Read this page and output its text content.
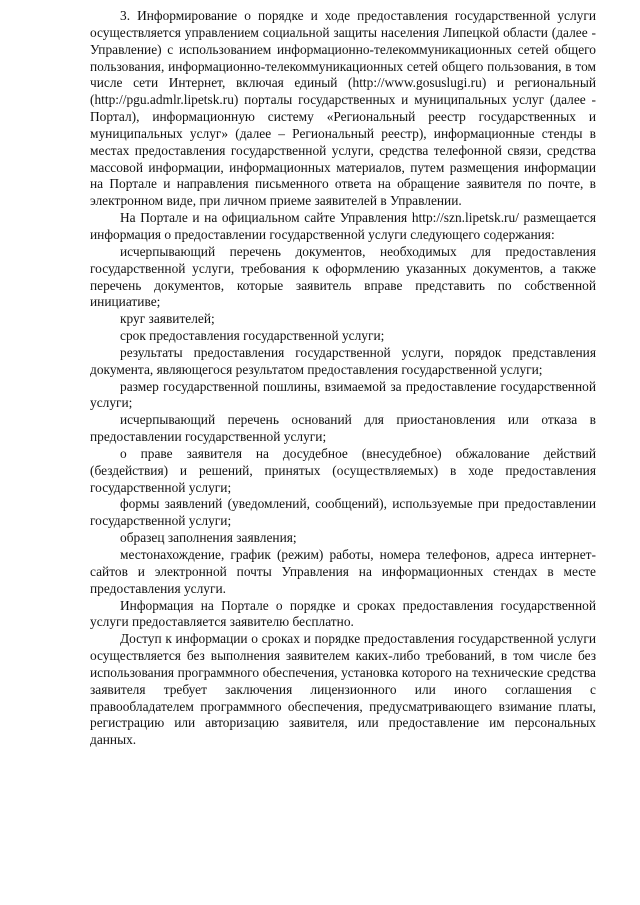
3. Информирование о порядке и ходе предоставления государственной услуги осуществляется управлением социальной защиты населения Липецкой области (далее - Управление) с использованием информационно-телекоммуникационных сетей общего пользования, информационно-телекоммуникационных сетей общего пользования, в том числе сети Интернет, включая единый (http://www.gosuslugi.ru) и региональный (http://pgu.admlr.lipetsk.ru) порталы государственных и муниципальных услуг (далее - Портал), информационную систему «Региональный реестр государственных и муниципальных услуг» (далее – Региональный реестр), информационные стенды в местах предоставления государственной услуги, средства телефонной связи, средства массовой информации, информационных материалов, путем размещения информации на Портале и направления письменного ответа на обращение заявителя по почте, в электронном виде, при личном приеме заявителей в Управлении.

На Портале и на официальном сайте Управления http://szn.lipetsk.ru/ размещается информация о предоставлении государственной услуги следующего содержания:

исчерпывающий перечень документов, необходимых для предоставления государственной услуги, требования к оформлению указанных документов, а также перечень документов, которые заявитель вправе представить по собственной инициативе;

круг заявителей;

срок предоставления государственной услуги;

результаты предоставления государственной услуги, порядок представления документа, являющегося результатом предоставления государственной услуги;

размер государственной пошлины, взимаемой за предоставление государственной услуги;

исчерпывающий перечень оснований для приостановления или отказа в предоставлении государственной услуги;

о праве заявителя на досудебное (внесудебное) обжалование действий (бездействия) и решений, принятых (осуществляемых) в ходе предоставления государственной услуги;

формы заявлений (уведомлений, сообщений), используемые при предоставлении государственной услуги;

образец заполнения заявления;

местонахождение, график (режим) работы, номера телефонов, адреса интернет-сайтов и электронной почты Управления на информационных стендах в месте предоставления услуги.

Информация на Портале о порядке и сроках предоставления государственной услуги предоставляется заявителю бесплатно.

Доступ к информации о сроках и порядке предоставления государственной услуги осуществляется без выполнения заявителем каких-либо требований, в том числе без использования программного обеспечения, установка которого на технические средства заявителя требует заключения лицензионного или иного соглашения с правообладателем программного обеспечения, предусматривающего взимание платы, регистрацию или авторизацию заявителя, или предоставление им персональных данных.
